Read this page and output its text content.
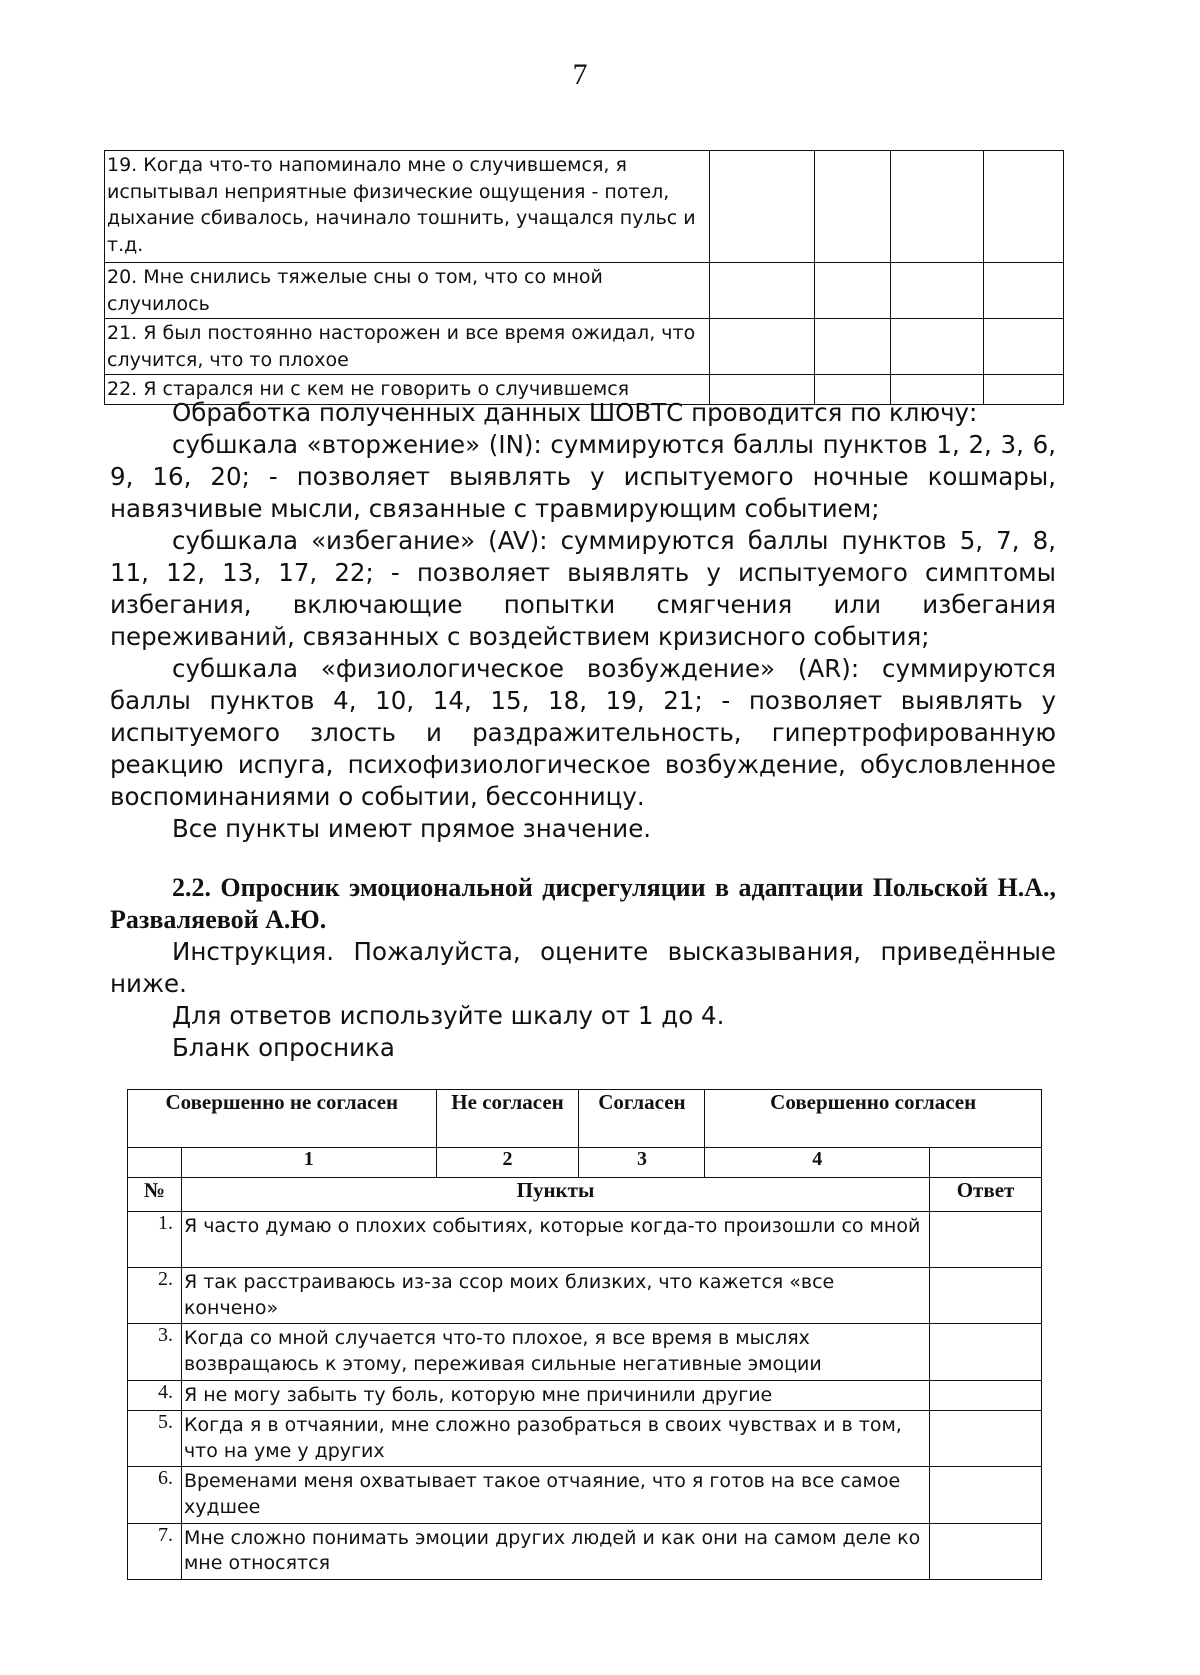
7
19. Когда что-то напоминало мне о случившемся, я испытывал неприятные физические ощущения - потел, дыхание сбивалось, начинало тошнить, учащался пульс и т.д.				
20. Мне снились тяжелые сны о том, что со мной случилось				
21. Я был постоянно насторожен и все время ожидал, что случится, что то плохое				
22. Я старался ни с кем не говорить о случившемся				

Обработка полученных данных ШОВТС проводится по ключу:

субшкала «вторжение» (IN): суммируются баллы пунктов 1, 2, 3, 6, 9, 16, 20; - позволяет выявлять у испытуемого ночные кошмары, навязчивые мысли, связанные с травмирующим событием;

субшкала «избегание» (AV): суммируются баллы пунктов 5, 7, 8, 11, 12, 13, 17, 22; - позволяет выявлять у испытуемого симптомы избегания, включающие попытки смягчения или избегания переживаний, связанных с воздействием кризисного события;

субшкала «физиологическое возбуждение» (AR): суммируются баллы пунктов 4, 10, 14, 15, 18, 19, 21; - позволяет выявлять у испытуемого злость и раздражительность, гипертрофированную реакцию испуга, психофизиологическое возбуждение, обусловленное воспоминаниями о событии, бессонницу.

Все пункты имеют прямое значение.

2.2. Опросник эмоциональной дисрегуляции в адаптации Польской Н.А., Разваляевой А.Ю.

Инструкция. Пожалуйста, оцените высказывания, приведённые ниже.

Для ответов используйте шкалу от 1 до 4.

Бланк опросника

Совершенно не согласен		Не согласен	Согласен	Совершенно согласен	
	1	2	3	4	
№	Пункты				Ответ
1.	Я часто думаю о плохих событиях, которые когда-то произошли со мной				
2.	Я так расстраиваюсь из-за ссор моих близких, что кажется «все кончено»				
3.	Когда со мной случается что-то плохое, я все время в мыслях возвращаюсь к этому, переживая сильные негативные эмоции				
4.	Я не могу забыть ту боль, которую мне причинили другие				
5.	Когда я в отчаянии, мне сложно разобраться в своих чувствах и в том, что на уме у других				
6.	Временами меня охватывает такое отчаяние, что я готов на все самое худшее				
7.	Мне сложно понимать эмоции других людей и как они на самом деле ко мне относятся				
